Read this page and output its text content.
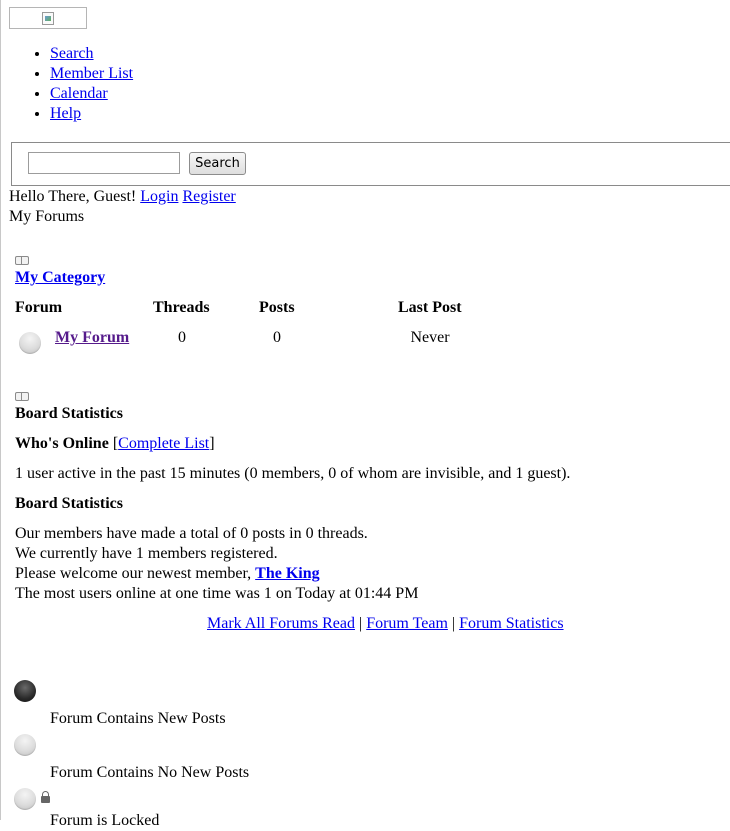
• Search
• Member List
• Calendar
• Help
Search
Hello There, Guest! Login Register
My Forums
My Category
Forum	Threads	Posts	Last Post
My Forum	0	0	Never
Board Statistics
Who's Online [Complete List]
1 user active in the past 15 minutes (0 members, 0 of whom are invisible, and 1 guest).
Board Statistics
Our members have made a total of 0 posts in 0 threads.
We currently have 1 members registered.
Please welcome our newest member, The King
The most users online at one time was 1 on Today at 01:44 PM
Mark All Forums Read | Forum Team | Forum Statistics
Forum Contains New Posts
Forum Contains No New Posts
Forum is Locked
